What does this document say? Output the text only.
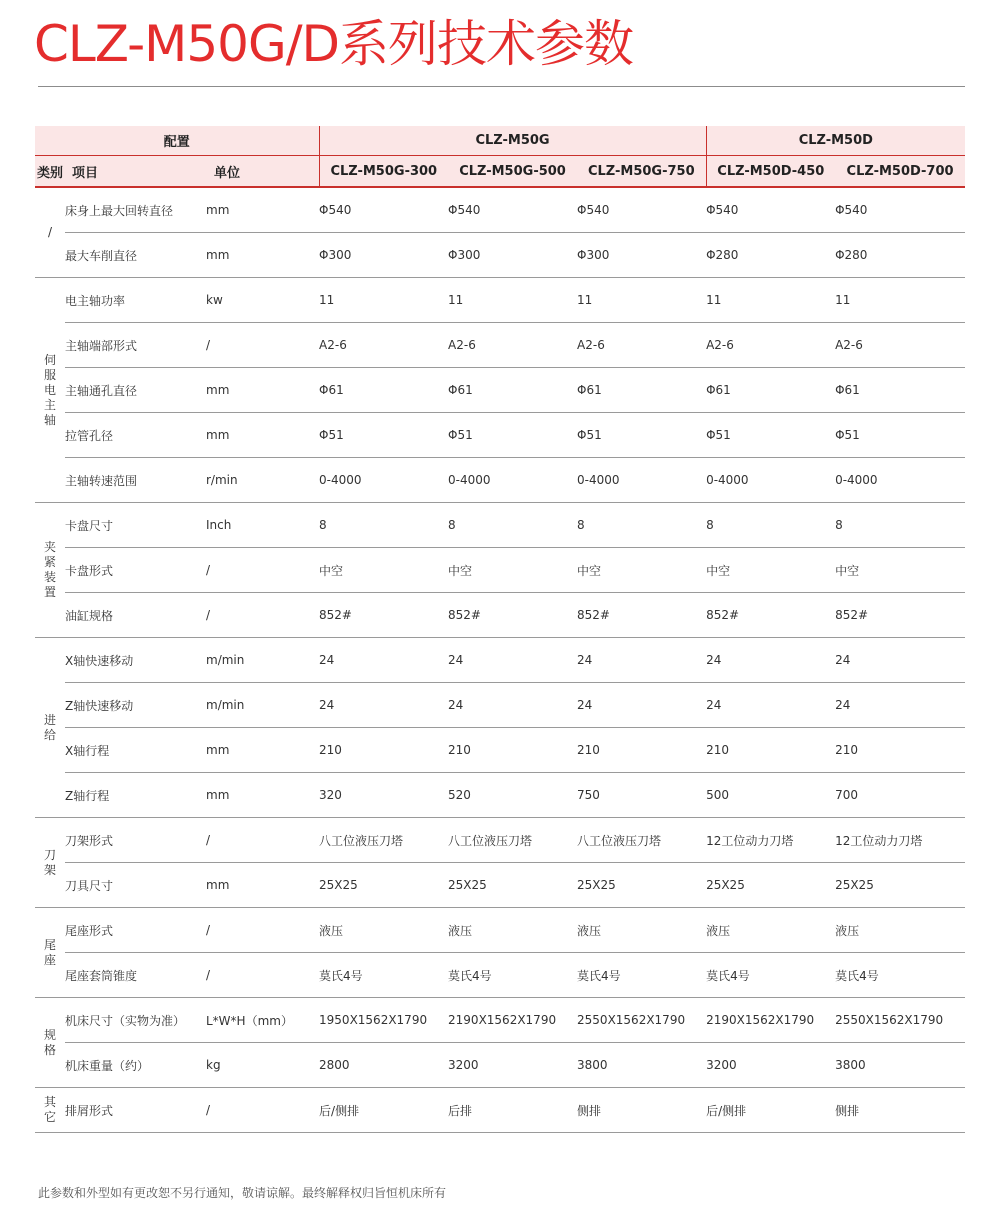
CLZ-M50G/D系列技术参数
配置			CLZ-M50G			CLZ-M50D	
类别	项目	单位	CLZ-M50G-300	CLZ-M50G-500	CLZ-M50G-750	CLZ-M50D-450	CLZ-M50D-700
/	床身上最大回转直径	mm	Φ540	Φ540	Φ540	Φ540	Φ540
	最大车削直径	mm	Φ300	Φ300	Φ300	Φ280	Φ280
伺服电主轴	电主轴功率	kw	11	11	11	11	11
	主轴端部形式	/	A2-6	A2-6	A2-6	A2-6	A2-6
	主轴通孔直径	mm	Φ61	Φ61	Φ61	Φ61	Φ61
	拉管孔径	mm	Φ51	Φ51	Φ51	Φ51	Φ51
	主轴转速范围	r/min	0-4000	0-4000	0-4000	0-4000	0-4000
夹紧装置	卡盘尺寸	Inch	8	8	8	8	8
	卡盘形式	/	中空	中空	中空	中空	中空
	油缸规格	/	852#	852#	852#	852#	852#
进给	X轴快速移动	m/min	24	24	24	24	24
	Z轴快速移动	m/min	24	24	24	24	24
	X轴行程	mm	210	210	210	210	210
	Z轴行程	mm	320	520	750	500	700
刀架	刀架形式	/	八工位液压刀塔	八工位液压刀塔	八工位液压刀塔	12工位动力刀塔	12工位动力刀塔
	刀具尺寸	mm	25X25	25X25	25X25	25X25	25X25
尾座	尾座形式	/	液压	液压	液压	液压	液压
	尾座套筒锥度	/	莫氏4号	莫氏4号	莫氏4号	莫氏4号	莫氏4号
规格	机床尺寸（实物为准）	L*W*H（mm）	1950X1562X1790	2190X1562X1790	2550X1562X1790	2190X1562X1790	2550X1562X1790
	机床重量（约）	kg	2800	3200	3800	3200	3800
其它	排屑形式	/	后/侧排	后排	侧排	后/侧排	侧排
此参数和外型如有更改恕不另行通知，敬请谅解。最终解释权归旨恒机床所有
